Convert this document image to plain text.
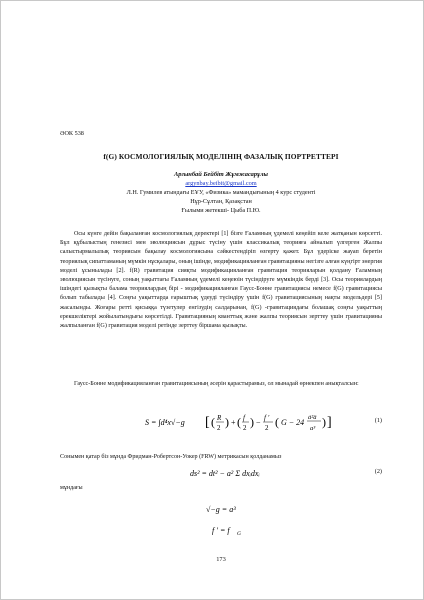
ӘОК 538
f(G) КОСМОЛОГИЯЛЫҚ МОДЕЛІНІҢ ФАЗАЛЫҚ ПОРТРЕТТЕРІ
Аргынбай Бейбіт Жұмжасарұлы
argynbay.beibit@gmail.com
Л.Н. Гумилев атындағы ЕҰУ, «Физика» мамандығының 4 курс студенті
Нұр-Сұлтан, Қазақстан
Ғылыми жетекші- Цыба П.Ю.
Осы күнге дейін бақыланған космологиялық деректері [1] бізге Ғаламның үдемелі кеңейіп келе жатқанын көрсетті. Бұл құбылыстың генезисі мен эволюциясын дұрыс түсіну үшін классикалық теорияға айналып үлгерген Жалпы салыстырмалылық теориясын бақылау космологиясына сәйкестендіріп өзгерту қажет. Бұл үдерiске жауап беретін теориялық сипаттаманың мүмкін нұсқалары, оның ішінде, модификацияланған гравитацияны негізге алған күңгірт энергия моделі ұсынылады [2]. f(R) гравитация сияқты модификацияланған гравитация теорияларын қолдану Ғаламның эволюциясын түсінуге, соның уақыттағы Ғаламның үдемелі кеңеюін түсіндіруге мүмкіндік берді [3]. Осы теориялардың ішіндегі қызықты балама теориялардың бірі - модификацияланған Гаусс-Бонне гравитациясы немесе f(G) гравитациясы болып табылады [4]. Соңғы уақыттарда ғарыштық үдеуді түсіндіру үшін f(G) гравитациясының нақты модельдері [5] жасалынды. Жоғары ретті қисыққа түзетулер енгізудің салдарынан, f(G) -гравитациядағы болашақ соңғы уақыттың ерекшеліктері жойылатындығы көрсетілді. Гравитацияның кванттық және жалпы теориясын зерттеу үшін гравитацияны жалпыланған f(G) гравитация моделі ретінде зерттеу біршама қызықты.
Гаусс-Бонне модификацияланған гравитациясының әсерін қарастырамыз, ол мынадай өрнекпен анықталсын:
S = ∫d⁴x√−g [ ( R
2 ) + ( f
2 ) − f ′
2 ( G − 24
ȧ²ä
a³ ) ]	(1)
Сонымен қатар біз мұнда Фридман-Робертсон-Уокер (FRW) метрикасын қолданамыз
ds² = dt² − a² Σ dxᵢdxᵢ	(2)
мұндағы
√−g = a³
f ′ = f	G
173
